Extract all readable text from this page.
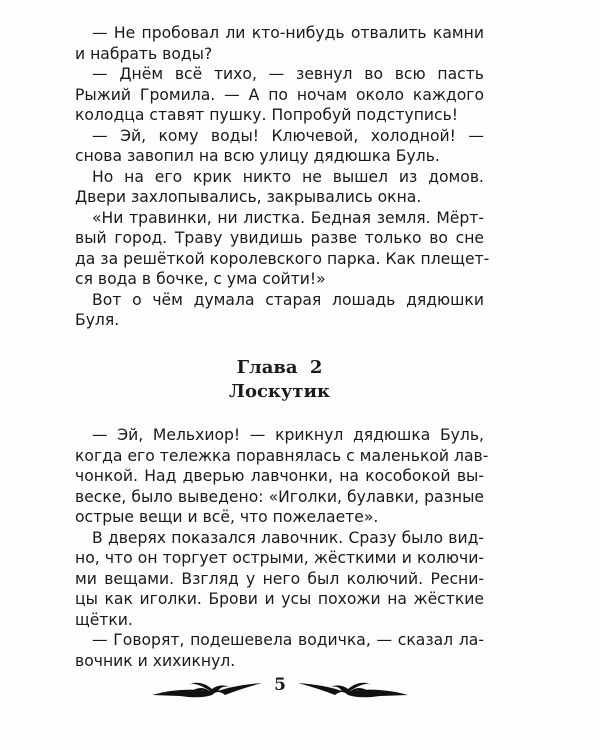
— Не пробовал ли кто-нибудь отвалить камни
и набрать воды?
— Днём всё тихо, — зевнул во всю пасть
Рыжий Громила. — А по ночам около каждого
колодца ставят пушку. Попробуй подступись!
— Эй, кому воды! Ключевой, холодной! —
снова завопил на всю улицу дядюшка Буль.
Но на его крик никто не вышел из домов.
Двери захлопывались, закрывались окна.
«Ни травинки, ни листка. Бедная земля. Мёрт-
вый город. Траву увидишь разве только во сне
да за решёткой королевского парка. Как плещет-
ся вода в бочке, с ума сойти!»
Вот о чём думала старая лошадь дядюшки
Буля.
Глава 2
Лоскутик
— Эй, Мельхиор! — крикнул дядюшка Буль,
когда его тележка поравнялась с маленькой лав-
чонкой. Над дверью лавчонки, на кособокой вы-
веске, было выведено: «Иголки, булавки, разные
острые вещи и всё, что пожелаете».
В дверях показался лавочник. Сразу было вид-
но, что он торгует острыми, жёсткими и колючи-
ми вещами. Взгляд у него был колючий. Ресни-
цы как иголки. Брови и усы похожи на жёсткие
щётки.
— Говорят, подешевела водичка, — сказал ла-
вочник и хихикнул.
5
